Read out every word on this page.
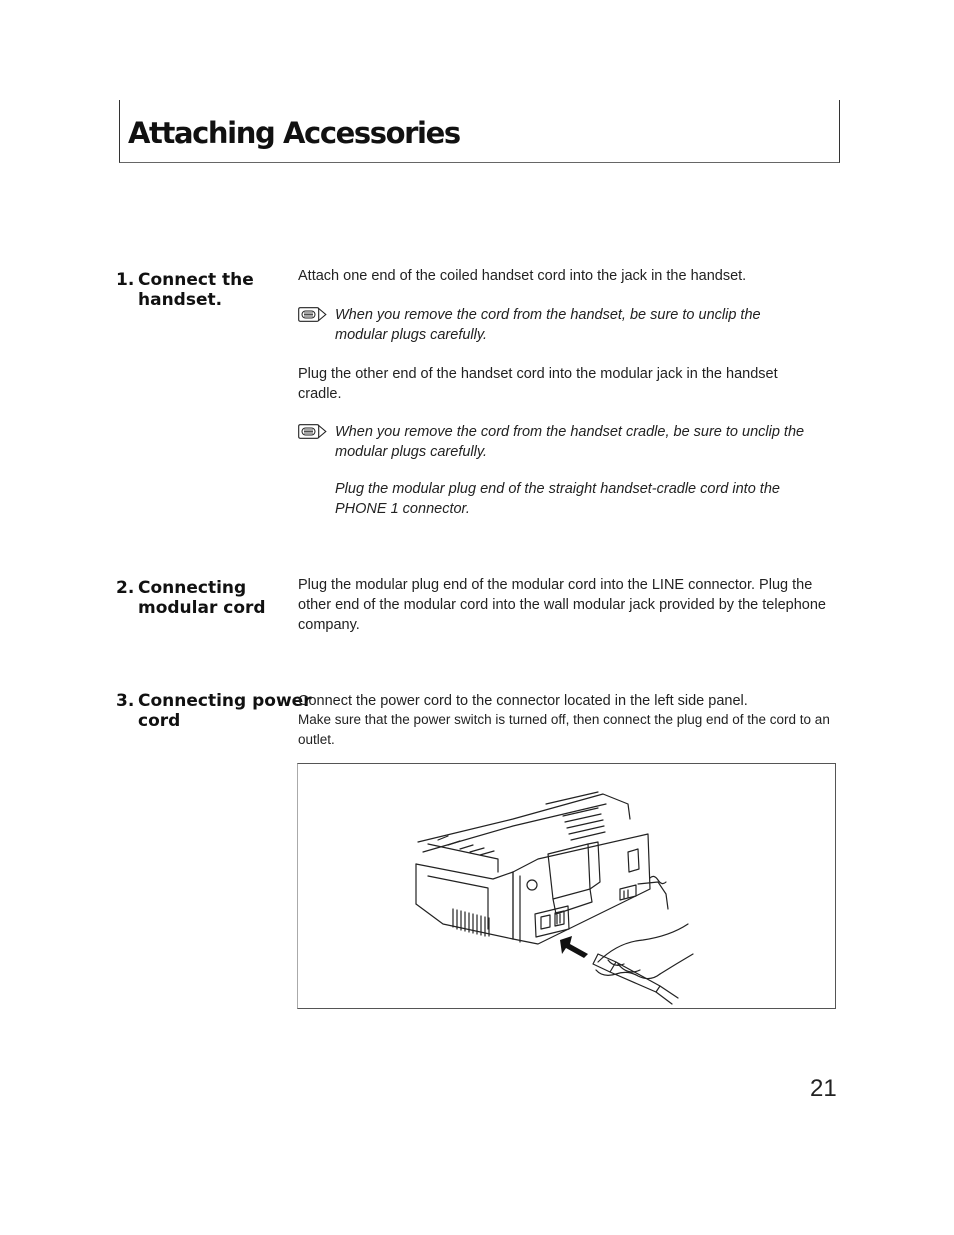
Attaching Accessories
1. Connect the
handset.

Attach one end of the coiled handset cord into the jack in the handset.

When you remove the cord from the handset, be sure to unclip the modular plugs carefully.

Plug the other end of the handset cord into the modular jack in the handset cradle.

When you remove the cord from the handset cradle, be sure to unclip the modular plugs carefully.
Plug the modular plug end of the straight handset-cradle cord into the PHONE 1 connector.
2. Connecting
modular cord

Plug the modular plug end of the modular cord into the LINE connector. Plug the other end of the modular cord into the wall modular jack provided by the telephone company.

3. Connecting power
cord

Connect the power cord to the connector located in the left side panel.

Make sure that the power switch is turned off, then connect the plug end of the cord to an outlet.

21
